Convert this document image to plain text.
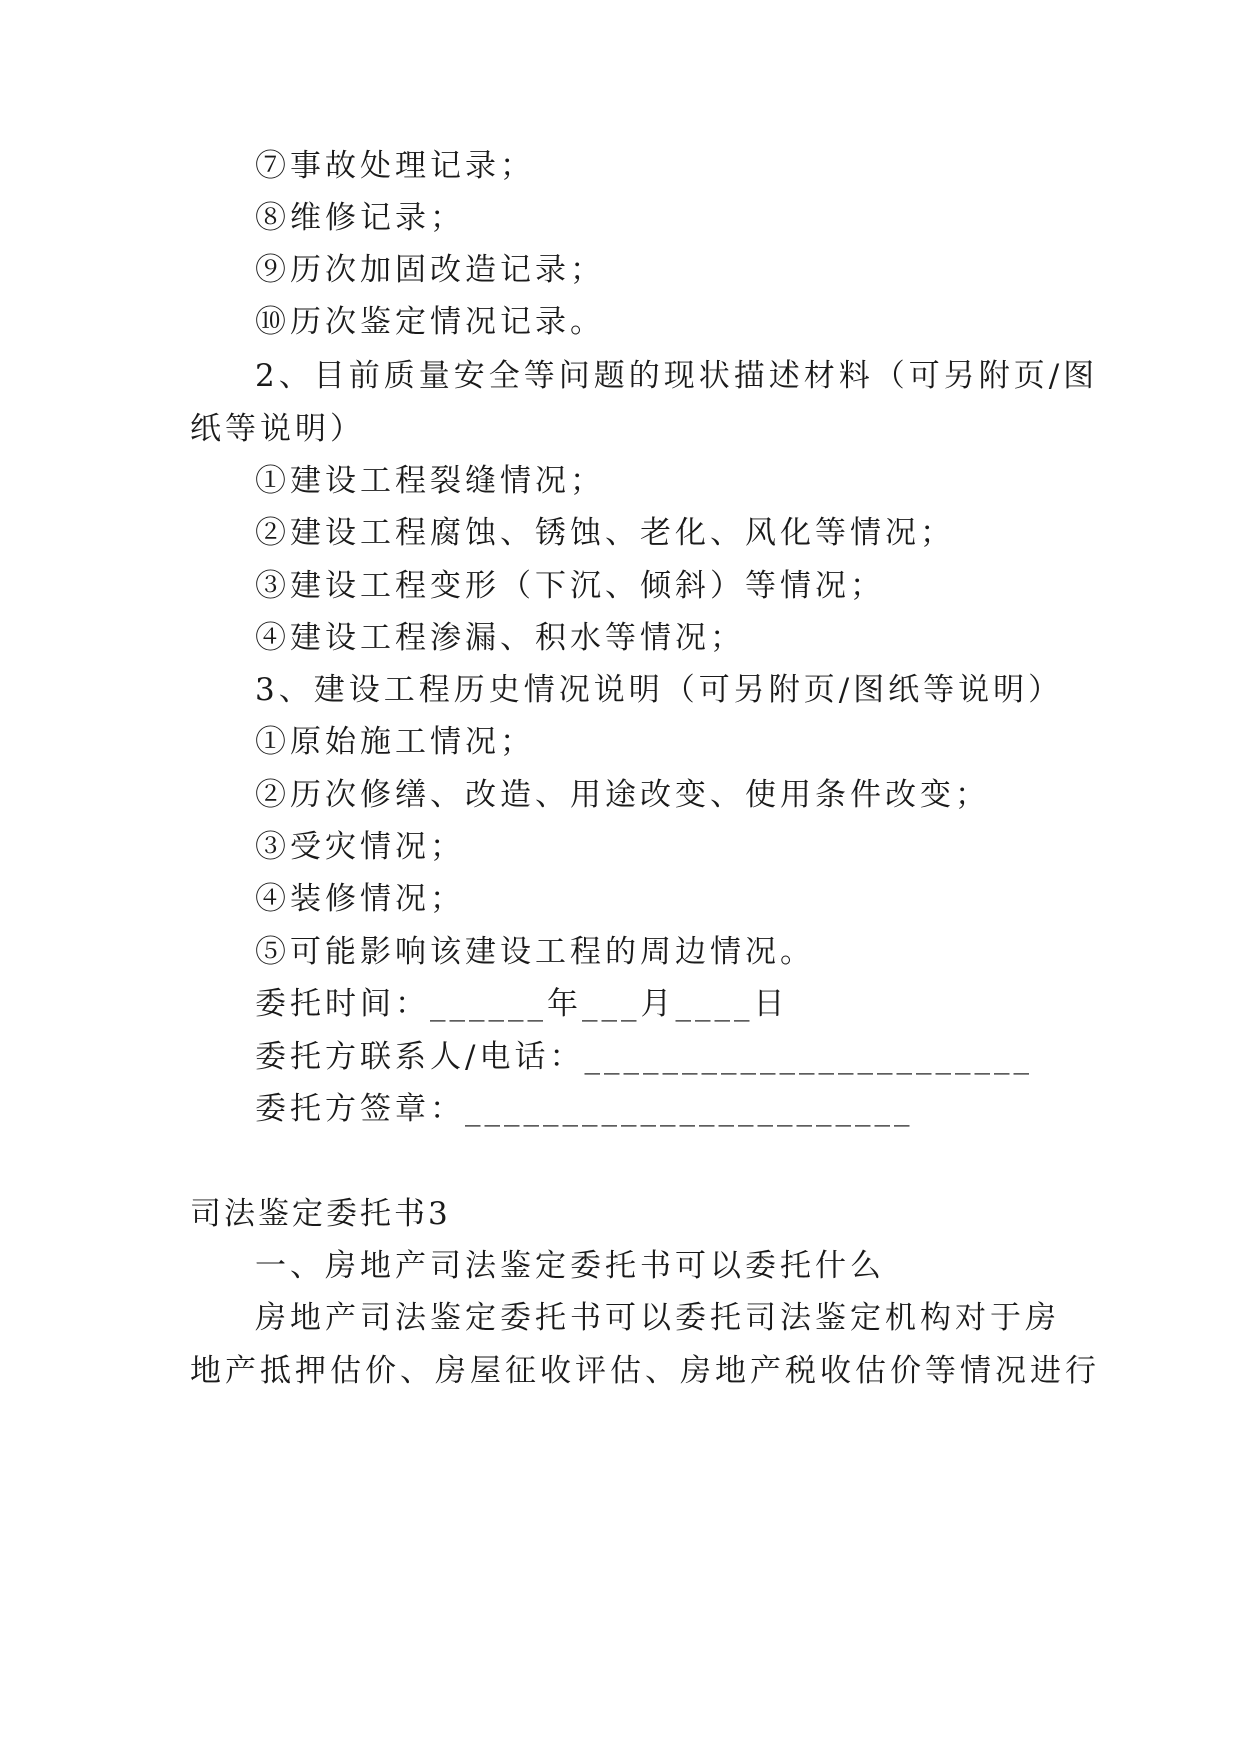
⑦事故处理记录；
⑧维修记录；
⑨历次加固改造记录；
⑩历次鉴定情况记录。
2、目前质量安全等问题的现状描述材料（可另附页/图
纸等说明）
①建设工程裂缝情况；
②建设工程腐蚀、锈蚀、老化、风化等情况；
③建设工程变形（下沉、倾斜）等情况；
④建设工程渗漏、积水等情况；
3、建设工程历史情况说明（可另附页/图纸等说明）
①原始施工情况；
②历次修缮、改造、用途改变、使用条件改变；
③受灾情况；
④装修情况；
⑤可能影响该建设工程的周边情况。
委托时间：______年___月____日
委托方联系人/电话：_______________________
委托方签章：_______________________
司法鉴定委托书3
一、房地产司法鉴定委托书可以委托什么
房地产司法鉴定委托书可以委托司法鉴定机构对于房
地产抵押估价、房屋征收评估、房地产税收估价等情况进行
